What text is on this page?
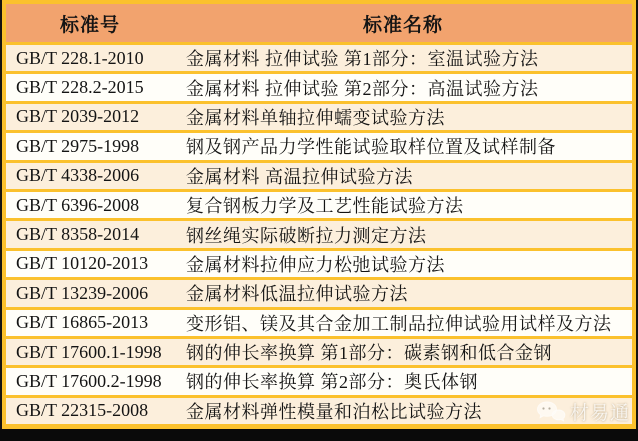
标准号	标准名称
GB/T 228.1-2010	金属材料 拉伸试验 第1部分：室温试验方法
GB/T 228.2-2015	金属材料 拉伸试验 第2部分：高温试验方法
GB/T 2039-2012	金属材料单轴拉伸蠕变试验方法
GB/T 2975-1998	钢及钢产品力学性能试验取样位置及试样制备
GB/T 4338-2006	金属材料 高温拉伸试验方法
GB/T 6396-2008	复合钢板力学及工艺性能试验方法
GB/T 8358-2014	钢丝绳实际破断拉力测定方法
GB/T 10120-2013	金属材料拉伸应力松弛试验方法
GB/T 13239-2006	金属材料低温拉伸试验方法
GB/T 16865-2013	变形铝、镁及其合金加工制品拉伸试验用试样及方法
GB/T 17600.1-1998	钢的伸长率换算 第1部分：碳素钢和低合金钢
GB/T 17600.2-1998	钢的伸长率换算 第2部分：奥氏体钢
GB/T 22315-2008	金属材料弹性模量和泊松比试验方法	材易通
